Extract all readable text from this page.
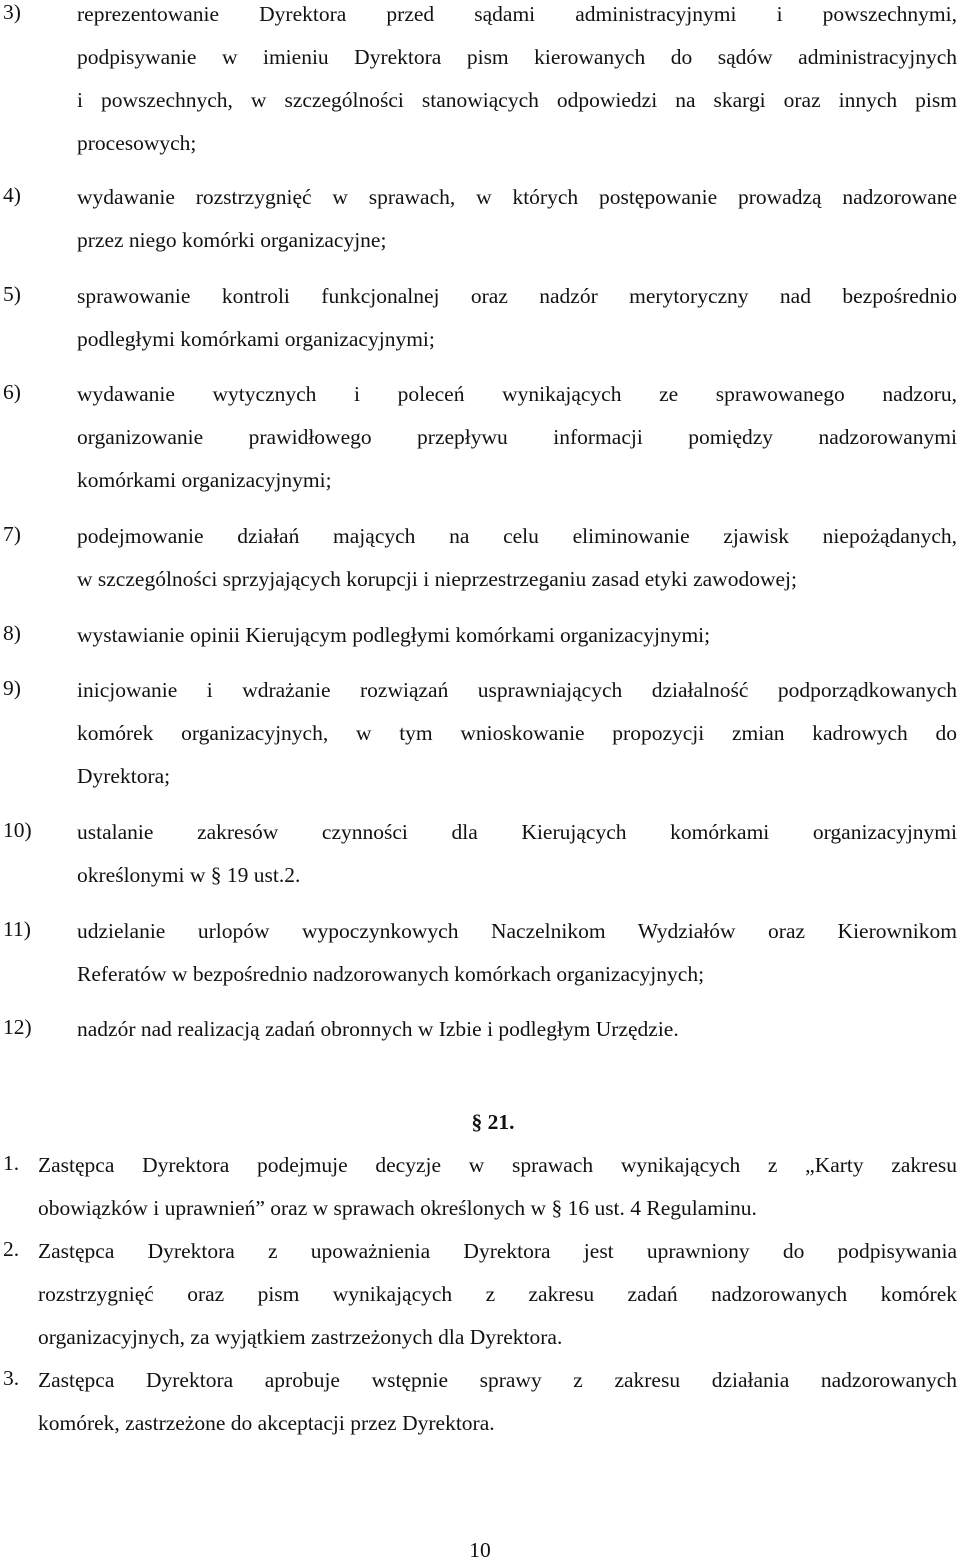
3)	reprezentowanie Dyrektora przed sądami administracyjnymi i powszechnymi,
podpisywanie w imieniu Dyrektora pism kierowanych do sądów administracyjnych
i powszechnych, w szczególności stanowiących odpowiedzi na skargi oraz innych pism
procesowych;
4)	wydawanie rozstrzygnięć w sprawach, w których postępowanie prowadzą nadzorowane
przez niego komórki organizacyjne;
5)	sprawowanie kontroli funkcjonalnej oraz nadzór merytoryczny nad bezpośrednio
podległymi komórkami organizacyjnymi;
6)	wydawanie wytycznych i poleceń wynikających ze sprawowanego nadzoru,
organizowanie prawidłowego przepływu informacji pomiędzy nadzorowanymi
komórkami organizacyjnymi;
7)	podejmowanie działań mających na celu eliminowanie zjawisk niepożądanych,
w szczególności sprzyjających korupcji i nieprzestrzeganiu zasad etyki zawodowej;
8)	wystawianie opinii Kierującym podległymi komórkami organizacyjnymi;
9)	inicjowanie i wdrażanie rozwiązań usprawniających działalność podporządkowanych
komórek organizacyjnych, w tym wnioskowanie propozycji zmian kadrowych do
Dyrektora;
10) ustalanie zakresów czynności dla Kierujących komórkami organizacyjnymi
określonymi w § 19 ust.2.
11) udzielanie urlopów wypoczynkowych Naczelnikom Wydziałów oraz Kierownikom
Referatów w bezpośrednio nadzorowanych komórkach organizacyjnych;
12) nadzór nad realizacją zadań obronnych w Izbie i podległym Urzędzie.
§ 21.
1. Zastępca Dyrektora podejmuje decyzje w sprawach wynikających z „Karty zakresu
obowiązków i uprawnień” oraz w sprawach określonych w § 16 ust. 4 Regulaminu.
2. Zastępca Dyrektora z upoważnienia Dyrektora jest uprawniony do podpisywania
rozstrzygnięć oraz pism wynikających z zakresu zadań nadzorowanych komórek
organizacyjnych, za wyjątkiem zastrzeżonych dla Dyrektora.
3. Zastępca Dyrektora aprobuje wstępnie sprawy z zakresu działania nadzorowanych
komórek, zastrzeżone do akceptacji przez Dyrektora.
10
